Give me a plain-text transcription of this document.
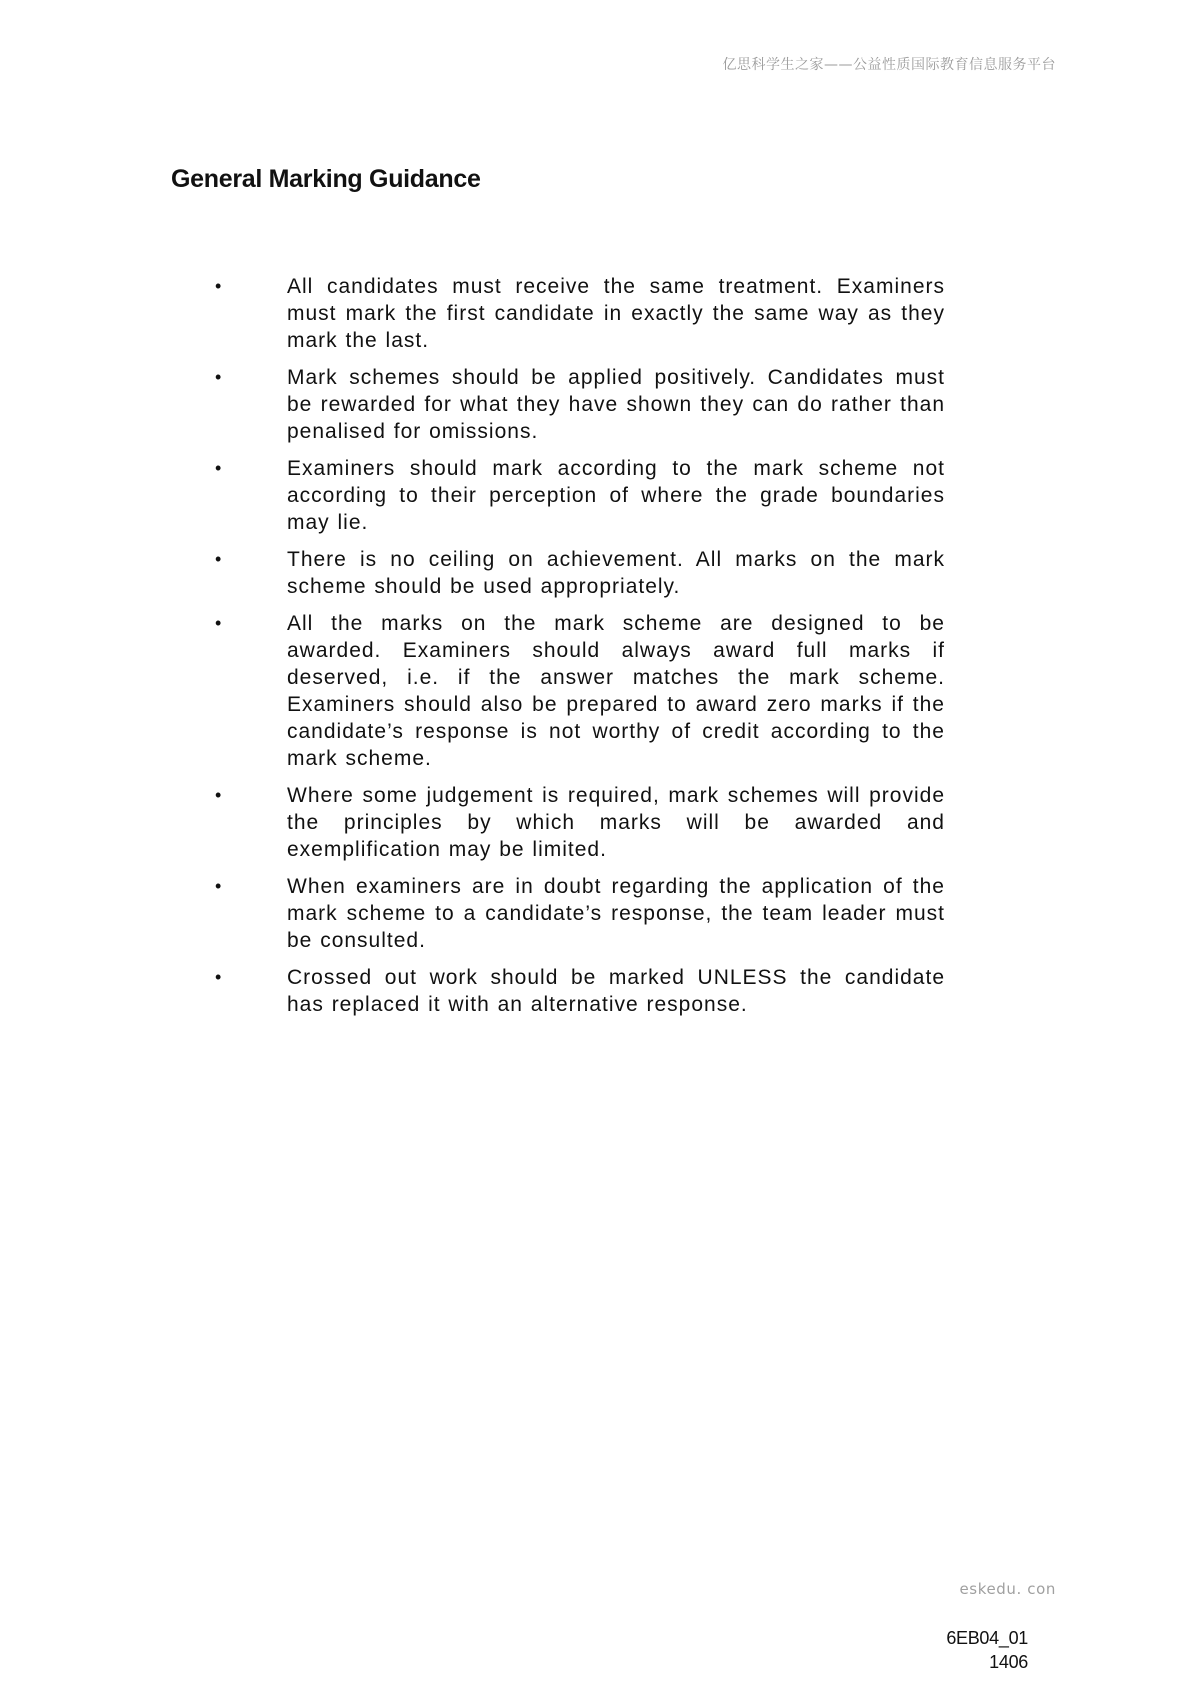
亿思科学生之家——公益性质国际教育信息服务平台
General Marking Guidance
•	All candidates must receive the same treatment. Examiners must mark the first candidate in exactly the same way as they mark the last.

•	Mark schemes should be applied positively. Candidates must be rewarded for what they have shown they can do rather than penalised for omissions.

•	Examiners should mark according to the mark scheme not according to their perception of where the grade boundaries may lie.

•	There is no ceiling on achievement. All marks on the mark scheme should be used appropriately.

•	All the marks on the mark scheme are designed to be awarded. Examiners should always award full marks if deserved, i.e. if the answer matches the mark scheme. Examiners should also be prepared to award zero marks if the candidate’s response is not worthy of credit according to the mark scheme.

•	Where some judgement is required, mark schemes will provide the principles by which marks will be awarded and exemplification may be limited.

•	When examiners are in doubt regarding the application of the mark scheme to a candidate’s response, the team leader must be consulted.

•	Crossed out work should be marked UNLESS the candidate has replaced it with an alternative response.

eskedu. con
6EB04_01
1406
